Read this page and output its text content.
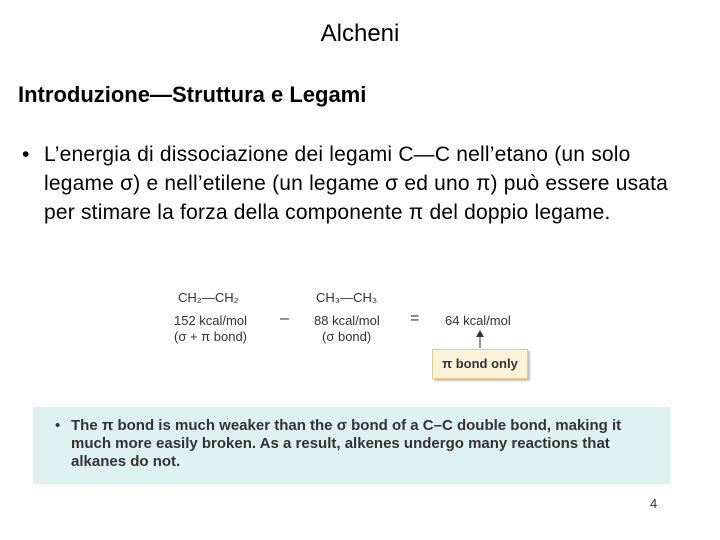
Alcheni
Introduzione—Struttura e Legami
• L’energia di dissociazione dei legami C—C nell’etano (un solo legame σ) e nell’etilene (un legame σ ed uno π) può essere usata per stimare la forza della componente π del doppio legame.
CH₂—CH₂
152 kcal/mol
(σ + π bond)
–
CH₃—CH₃
88 kcal/mol
(σ bond)
= 64 kcal/mol
π bond only
• The π bond is much weaker than the σ bond of a C–C double bond, making it much more easily broken. As a result, alkenes undergo many reactions that alkanes do not.
4
